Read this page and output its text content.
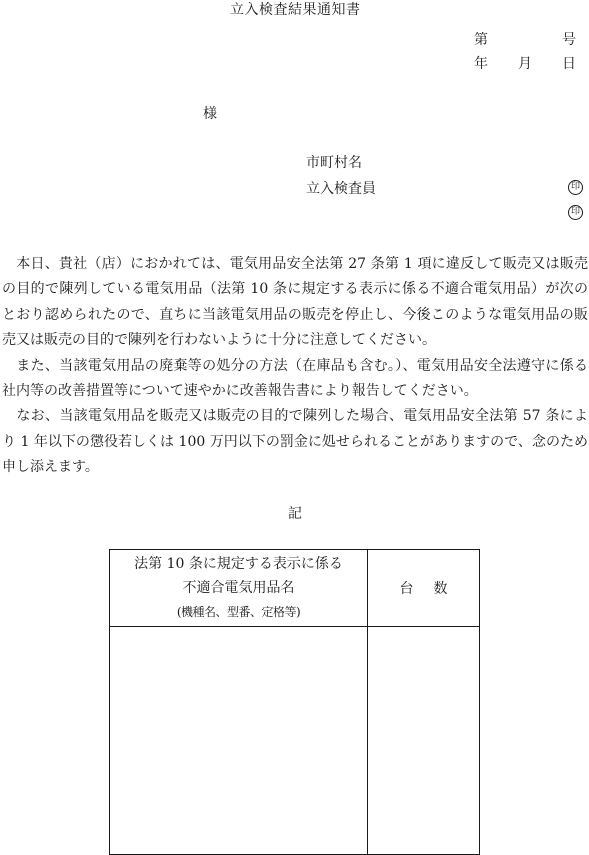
立入検査結果通知書
第	号
年 月 日
様
市町村名
立入検査員	印
印

　本日、貴社（店）におかれては、電気用品安全法第 27 条第 1 項に違反して販売又は販売の目的で陳列している電気用品（法第 10 条に規定する表示に係る不適合電気用品）が次のとおり認められたので、直ちに当該電気用品の販売を停止し、今後このような電気用品の販売又は販売の目的で陳列を行わないように十分に注意してください。

　また、当該電気用品の廃棄等の処分の方法（在庫品も含む。）、電気用品安全法遵守に係る社内等の改善措置等について速やかに改善報告書により報告してください。

　なお、当該電気用品を販売又は販売の目的で陳列した場合、電気用品安全法第 57 条により 1 年以下の懲役若しくは 100 万円以下の罰金に処せられることがありますので、念のため申し添えます。

記
法第 10 条に規定する表示に係る
不適合電気用品名
(機種名、型番、定格等)	台数
